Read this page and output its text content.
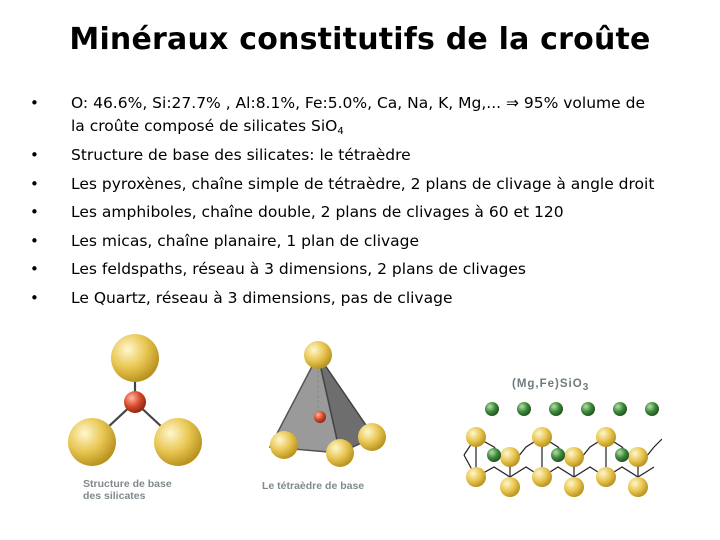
Minéraux constitutifs de la croûte
• O: 46.6%, Si:27.7% , Al:8.1%, Fe:5.0%, Ca, Na, K, Mg,... ⇒ 95% volume de
la croûte composé de silicates SiO$_4$
• Structure de base des silicates: le tétraèdre
• Les pyroxènes, chaîne simple de tétraèdre, 2 plans de clivage à angle droit
• Les amphiboles, chaîne double, 2 plans de clivages à 60 et 120
• Les micas, chaîne planaire, 1 plan de clivage
• Les feldspaths, réseau à 3 dimensions, 2 plans de clivages
• Le Quartz, réseau à 3 dimensions, pas de clivage
Structure de base
des silicates
Le tétraèdre de base
(Mg,Fe)SiO$_3$
